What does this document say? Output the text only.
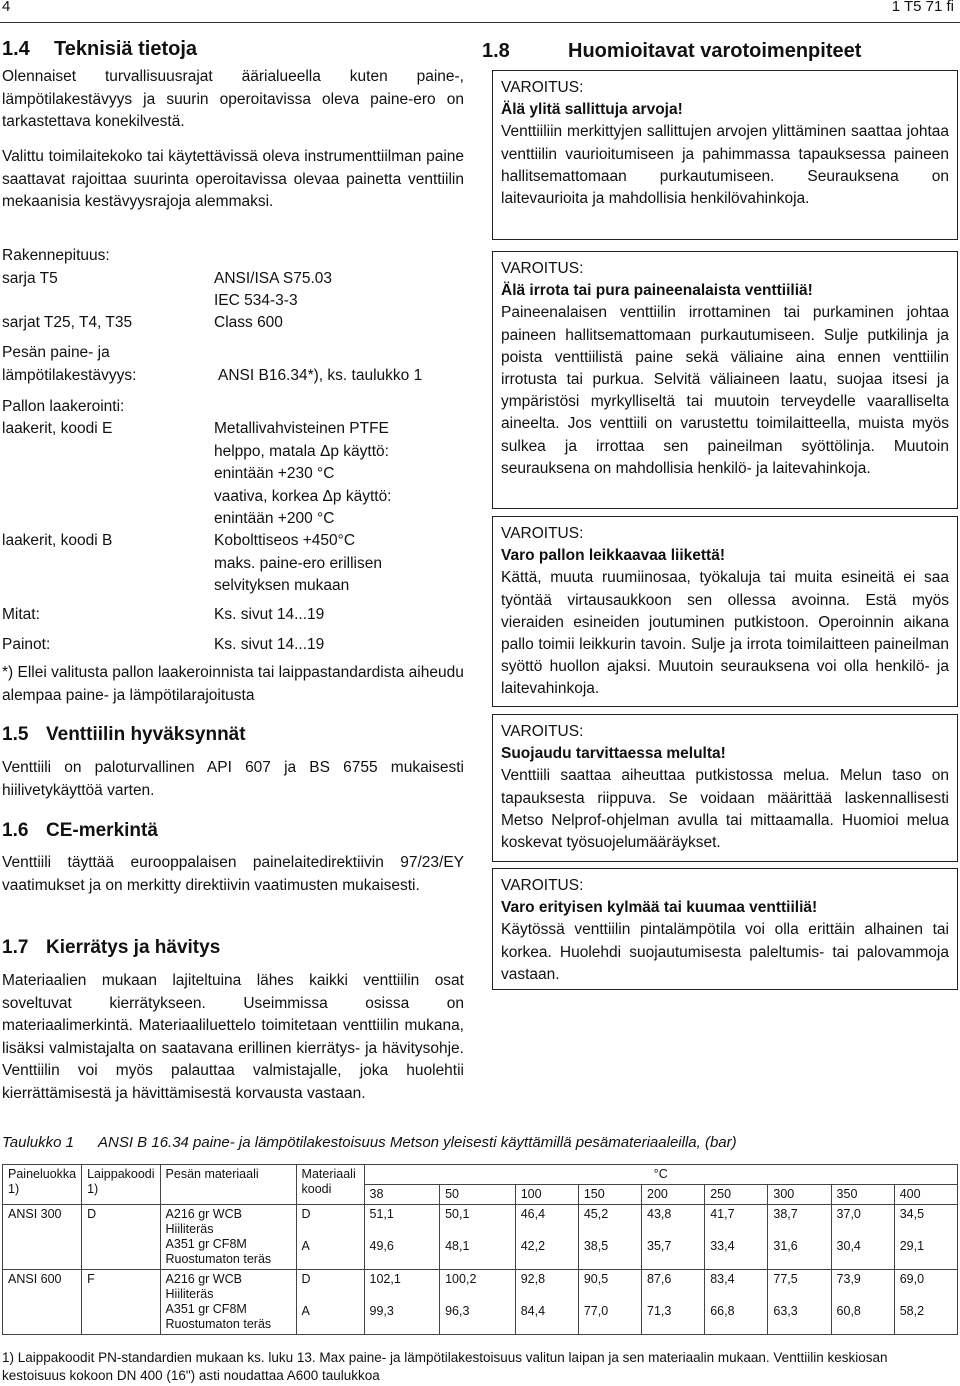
4	1 T5 71 fi
1.4 Teknisiä tietoja
Olennaiset turvallisuusrajat äärialueella kuten paine-, lämpötilakestävyys ja suurin operoitavissa oleva paine-ero on tarkastettava konekilvestä.
Valittu toimilaitekoko tai käytettävissä oleva instrumenttiilman paine saattavat rajoittaa suurinta operoitavissa olevaa painetta venttiilin mekaanisia kestävyysrajoja alemmaksi.
Rakennepituus:
sarja T5	ANSI/ISA S75.03
IEC 534-3-3
sarjat T25, T4, T35	Class 600
Pesän paine- ja
lämpötilakestävyys:	ANSI B16.34*), ks. taulukko 1
Pallon laakerointi:
laakerit, koodi E	Metallivahvisteinen PTFE
helppo, matala Δp käyttö:
enintään +230 °C
vaativa, korkea Δp käyttö:
enintään +200 °C
laakerit, koodi B	Kobolttiseos +450°C
maks. paine-ero erillisen
selvityksen mukaan
Mitat:	Ks. sivut 14...19
Painot:	Ks. sivut 14...19
*) Ellei valitusta pallon laakeroinnista tai laippastandardista aiheudu alempaa paine- ja lämpötilarajoitusta
1.5 Venttiilin hyväksynnät
Venttiili on paloturvallinen API 607 ja BS 6755 mukaisesti hiilivetykäyttöä varten.
1.6 CE-merkintä
Venttiili täyttää eurooppalaisen painelaitedirektiivin 97/23/EY vaatimukset ja on merkitty direktiivin vaatimusten mukaisesti.
1.7 Kierrätys ja hävitys
Materiaalien mukaan lajiteltuina lähes kaikki venttiilin osat soveltuvat kierrätykseen. Useimmissa osissa on materiaalimerkintä. Materiaaliluettelo toimitetaan venttiilin mukana, lisäksi valmistajalta on saatavana erillinen kierrätys- ja hävitysohje. Venttiilin voi myös palauttaa valmistajalle, joka huolehtii kierrättämisestä ja hävittämisestä korvausta vastaan.
1.8	Huomioitavat varotoimenpiteet
VAROITUS:
Älä ylitä sallittuja arvoja!
Venttiiliin merkittyjen sallittujen arvojen ylittäminen saattaa johtaa venttiilin vaurioitumiseen ja pahimmassa tapauksessa paineen hallitsemattomaan purkautumiseen. Seurauksena on laitevaurioita ja mahdollisia henkilövahinkoja.
VAROITUS:
Älä irrota tai pura paineenalaista venttiiliä!
Paineenalaisen venttiilin irrottaminen tai purkaminen johtaa paineen hallitsemattomaan purkautumiseen. Sulje putkilinja ja poista venttiilistä paine sekä väliaine aina ennen venttiilin irrotusta tai purkua. Selvitä väliaineen laatu, suojaa itsesi ja ympäristösi myrkylliseltä tai muutoin terveydelle vaaralliselta aineelta. Jos venttiili on varustettu toimilaitteella, muista myös sulkea ja irrottaa sen paineilman syöttölinja. Muutoin seurauksena on mahdollisia henkilö- ja laitevahinkoja.
VAROITUS:
Varo pallon leikkaavaa liikettä!
Kättä, muuta ruumiinosaa, työkaluja tai muita esineitä ei saa työntää virtausaukkoon sen ollessa avoinna. Estä myös vieraiden esineiden joutuminen putkistoon. Operoinnin aikana pallo toimii leikkurin tavoin. Sulje ja irrota toimilaitteen paineilman syöttö huollon ajaksi. Muutoin seurauksena voi olla henkilö- ja laitevahinkoja.
VAROITUS:
Suojaudu tarvittaessa melulta!
Venttiili saattaa aiheuttaa putkistossa melua. Melun taso on tapauksesta riippuva. Se voidaan määrittää laskennallisesti Metso Nelprof-ohjelman avulla tai mittaamalla. Huomioi melua koskevat työsuojelumääräykset.
VAROITUS:
Varo erityisen kylmää tai kuumaa venttiiliä!
Käytössä venttiilin pintalämpötila voi olla erittäin alhainen tai korkea. Huolehdi suojautumisesta paleltumis- tai palovammoja vastaan.
Taulukko 1 ANSI B 16.34 paine- ja lämpötilakestoisuus Metson yleisesti käyttämillä pesämateriaaleilla, (bar)
Paineluokka 1)	Laippakoodi 1)	Pesän materiaali	Materiaali koodi	°C								
				38	50	100	150	200	250	300	350	400
ANSI 300	D	A216 gr WCB
Hiiliteräs
A351 gr CF8M
Ruostumaton teräs	D	51,1	50,1	46,4	45,2	43,8	41,7	38,7	37,0	34,5
			A	49,6	48,1	42,2	38,5	35,7	33,4	31,6	30,4	29,1
ANSI 600	F	A216 gr WCB
Hiiliteräs
A351 gr CF8M
Ruostumaton teräs	D	102,1	100,2	92,8	90,5	87,6	83,4	77,5	73,9	69,0
			A	99,3	96,3	84,4	77,0	71,3	66,8	63,3	60,8	58,2
1) Laippakoodit PN-standardien mukaan ks. luku 13. Max paine- ja lämpötilakestoisuus valitun laipan ja sen materiaalin mukaan. Venttiilin keskiosan kestoisuus kokoon DN 400 (16") asti noudattaa A600 taulukkoa
